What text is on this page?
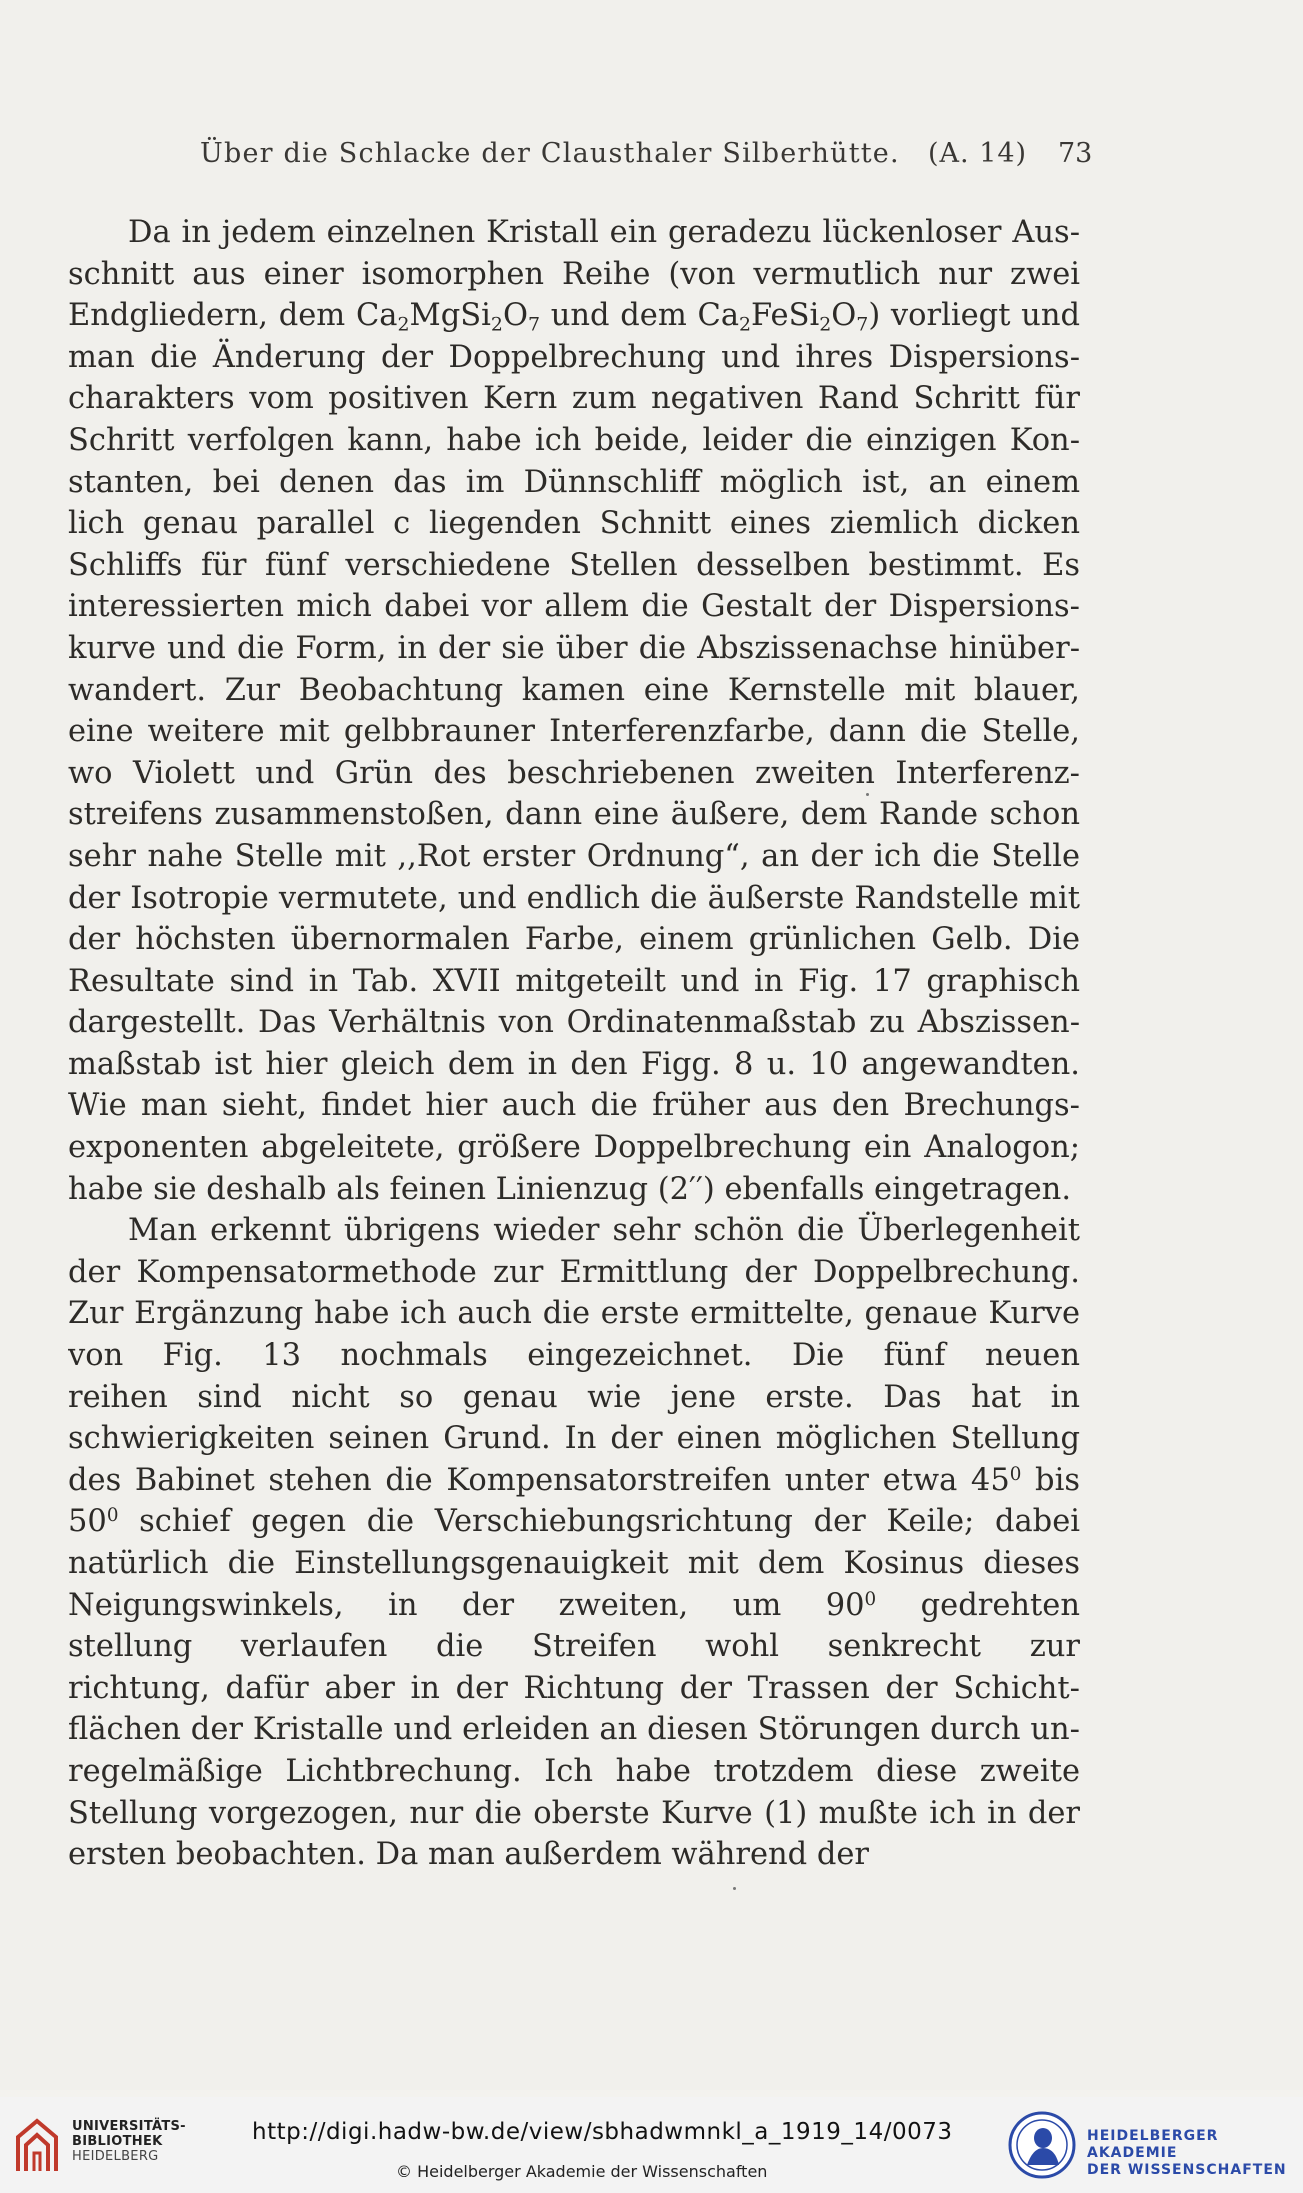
Über die Schlacke der Clausthaler Silberhütte. (A. 14) 73
Da in jedem einzelnen Kristall ein geradezu lückenloser Aus-
schnitt aus einer isomorphen Reihe (von vermutlich nur zwei
Endgliedern, dem $Ca_2MgSi_2O_7$ und dem $Ca_2FeSi_2O_7$) vorliegt und
man die Änderung der Doppelbrechung und ihres Dispersions-
charakters vom positiven Kern zum negativen Rand Schritt für
Schritt verfolgen kann, habe ich beide, leider die einzigen Kon-
stanten, bei denen das im Dünnschliff möglich ist, an einem
lich genau parallel c liegenden Schnitt eines ziemlich dicken
Schliffs für fünf verschiedene Stellen desselben bestimmt. Es
interessierten mich dabei vor allem die Gestalt der Dispersions-
kurve und die Form, in der sie über die Abszissenachse hinüber-
wandert. Zur Beobachtung kamen eine Kernstelle mit blauer,
eine weitere mit gelbbrauner Interferenzfarbe, dann die Stelle,
wo Violett und Grün des beschriebenen zweiten Interferenz-
streifens zusammenstoßen, dann eine äußere, dem Rande schon
sehr nahe Stelle mit ,,Rot erster Ordnung“, an der ich die Stelle
der Isotropie vermutete, und endlich die äußerste Randstelle mit
der höchsten übernormalen Farbe, einem grünlichen Gelb. Die
Resultate sind in Tab. XVII mitgeteilt und in Fig. 17 graphisch
dargestellt. Das Verhältnis von Ordinatenmaßstab zu Abszissen-
maßstab ist hier gleich dem in den Figg. 8 u. 10 angewandten.
Wie man sieht, findet hier auch die früher aus den Brechungs-
exponenten abgeleitete, größere Doppelbrechung ein Analogon;
habe sie deshalb als feinen Linienzug (2′′) ebenfalls eingetragen.
Man erkennt übrigens wieder sehr schön die Überlegenheit
der Kompensatormethode zur Ermittlung der Doppelbrechung.
Zur Ergänzung habe ich auch die erste ermittelte, genaue Kurve
von Fig. 13 nochmals eingezeichnet. Die fünf neuen
reihen sind nicht so genau wie jene erste. Das hat in
schwierigkeiten seinen Grund. In der einen möglichen Stellung
des Babinet stehen die Kompensatorstreifen unter etwa $45^0$ bis
$50^0$ schief gegen die Verschiebungsrichtung der Keile; dabei
natürlich die Einstellungsgenauigkeit mit dem Kosinus dieses
Neigungswinkels, in der zweiten, um $90^0$ gedrehten
stellung verlaufen die Streifen wohl senkrecht zur
richtung, dafür aber in der Richtung der Trassen der Schicht-
flächen der Kristalle und erleiden an diesen Störungen durch un-
regelmäßige Lichtbrechung. Ich habe trotzdem diese zweite
Stellung vorgezogen, nur die oberste Kurve (1) mußte ich in der
ersten beobachten. Da man außerdem während der
UNIVERSITÄTS-
BIBLIOTHEK
HEIDELBERG
http://digi.hadw-bw.de/view/sbhadwmnkl_a_1919_14/0073
© Heidelberger Akademie der Wissenschaften
HEIDELBERGER AKADEMIE
DER WISSENSCHAFTEN
